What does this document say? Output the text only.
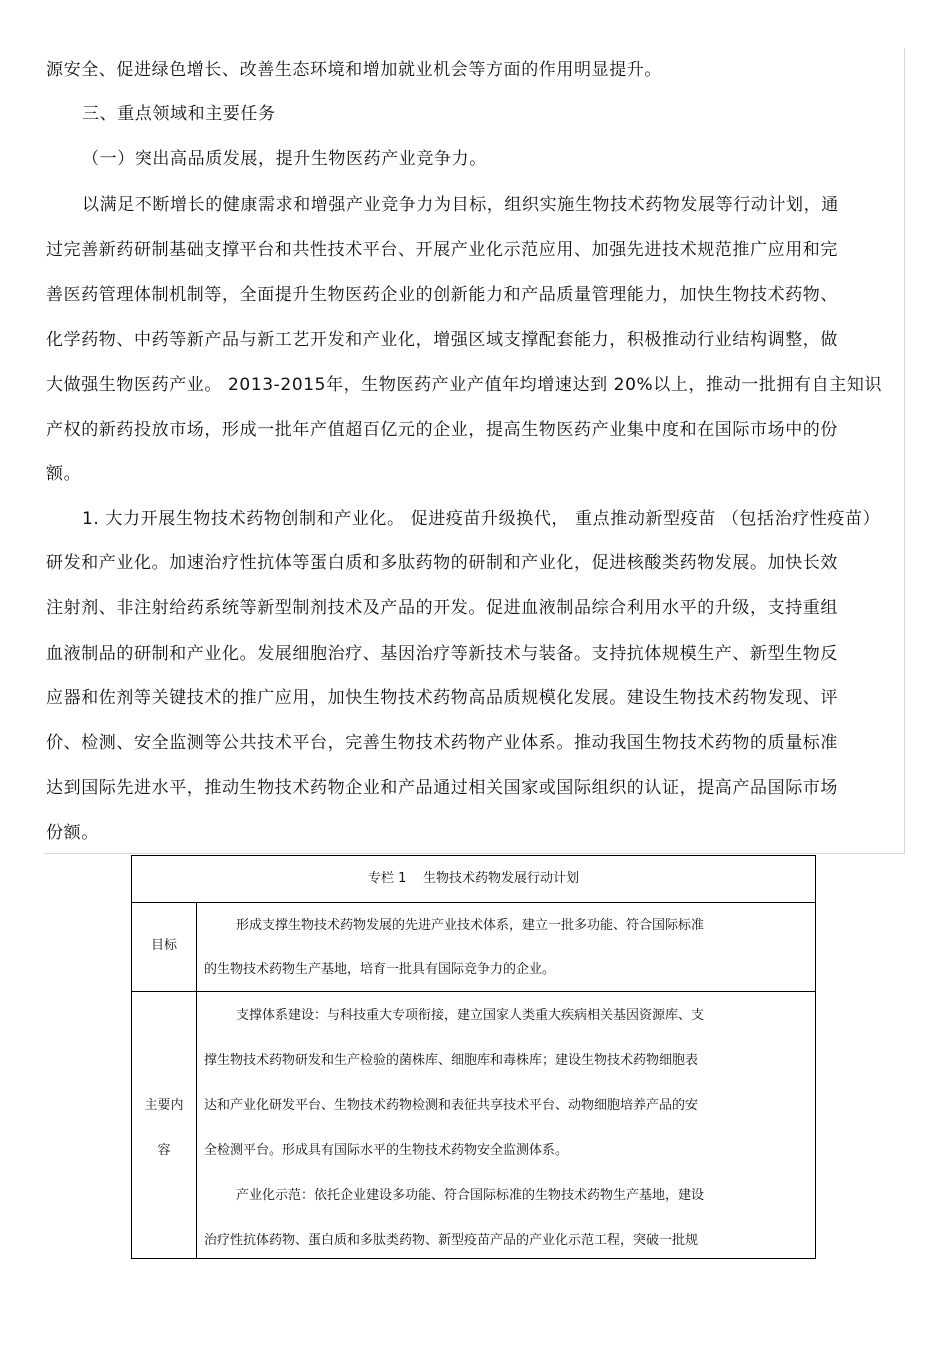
源安全、促进绿色增长、改善生态环境和增加就业机会等方面的作用明显提升。
三、重点领域和主要任务
（一）突出高品质发展，提升生物医药产业竞争力。
以满足不断增长的健康需求和增强产业竞争力为目标，组织实施生物技术药物发展等行动计划，通
过完善新药研制基础支撑平台和共性技术平台、开展产业化示范应用、加强先进技术规范推广应用和完
善医药管理体制机制等，全面提升生物医药企业的创新能力和产品质量管理能力，加快生物技术药物、
化学药物、中药等新产品与新工艺开发和产业化，增强区域支撑配套能力，积极推动行业结构调整，做
大做强生物医药产业。 2013-2015年，生物医药产业产值年均增速达到 20%以上，推动一批拥有自主知识
产权的新药投放市场，形成一批年产值超百亿元的企业，提高生物医药产业集中度和在国际市场中的份
额。
1. 大力开展生物技术药物创制和产业化。 促进疫苗升级换代， 重点推动新型疫苗 （包括治疗性疫苗）
研发和产业化。加速治疗性抗体等蛋白质和多肽药物的研制和产业化，促进核酸类药物发展。加快长效
注射剂、非注射给药系统等新型制剂技术及产品的开发。促进血液制品综合利用水平的升级，支持重组
血液制品的研制和产业化。发展细胞治疗、基因治疗等新技术与装备。支持抗体规模生产、新型生物反
应器和佐剂等关键技术的推广应用，加快生物技术药物高品质规模化发展。建设生物技术药物发现、评
价、检测、安全监测等公共技术平台，完善生物技术药物产业体系。推动我国生物技术药物的质量标准
达到国际先进水平，推动生物技术药物企业和产品通过相关国家或国际组织的认证，提高产品国际市场
份额。
专栏 1    生物技术药物发展行动计划
目标
形成支撑生物技术药物发展的先进产业技术体系，建立一批多功能、符合国际标准
的生物技术药物生产基地，培育一批具有国际竞争力的企业。
主要内
容
支撑体系建设：与科技重大专项衔接，建立国家人类重大疾病相关基因资源库、支
撑生物技术药物研发和生产检验的菌株库、细胞库和毒株库；建设生物技术药物细胞表
达和产业化研发平台、生物技术药物检测和表征共享技术平台、动物细胞培养产品的安
全检测平台。形成具有国际水平的生物技术药物安全监测体系。
产业化示范：依托企业建设多功能、符合国际标准的生物技术药物生产基地，建设
治疗性抗体药物、蛋白质和多肽类药物、新型疫苗产品的产业化示范工程，突破一批规
